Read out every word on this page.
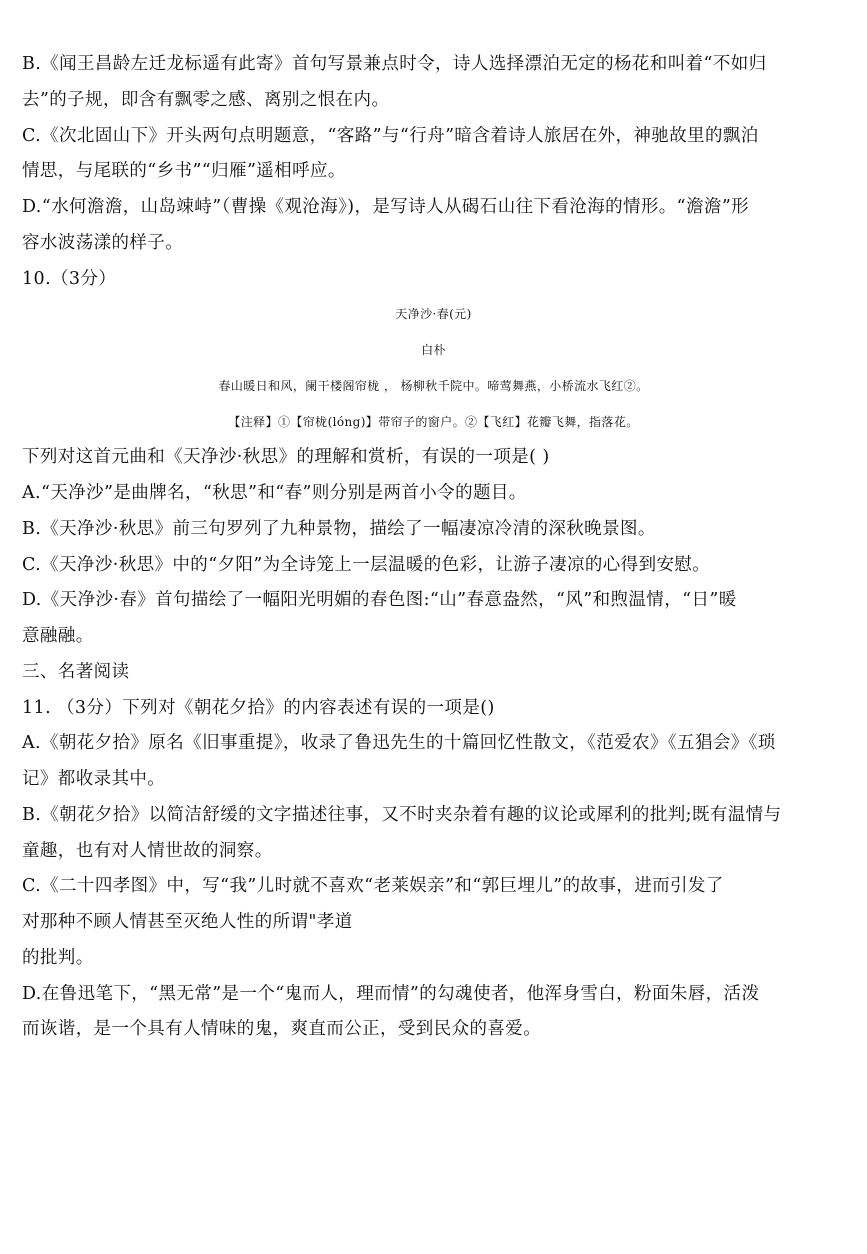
B.《闻王昌龄左迁龙标遥有此寄》首句写景兼点时令，诗人选择漂泊无定的杨花和叫着“不如归
去”的子规，即含有飘零之感、离别之恨在内。
C.《次北固山下》开头两句点明题意，“客路”与“行舟”暗含着诗人旅居在外，神驰故里的飘泊
情思，与尾联的“乡书”“归雁”遥相呼应。
D.“水何澹澹，山岛竦峙”（曹操《观沧海》)，是写诗人从碣石山往下看沧海的情形。“澹澹”形
容水波荡漾的样子。
10.（3分）
天净沙·春(元)
白朴
春山暖日和风，阑干楼阁帘栊 ， 杨柳秋千院中。啼莺舞燕，小桥流水飞红②。
【注释】①【帘栊(lóng)】带帘子的窗户。②【飞红】花瓣飞舞，指落花。
下列对这首元曲和《天净沙·秋思》的理解和赏析，有误的一项是( )
A.“天净沙”是曲牌名，“秋思”和“春”则分别是两首小令的题目。
B.《天净沙·秋思》前三句罗列了九种景物，描绘了一幅凄凉冷清的深秋晚景图。
C.《天净沙·秋思》中的“夕阳”为全诗笼上一层温暖的色彩，让游子凄凉的心得到安慰。
D.《天净沙·春》首句描绘了一幅阳光明媚的春色图:“山”春意盎然，“风”和煦温情，“日”暖
意融融。
三、名著阅读
11. （3分）下列对《朝花夕拾》的内容表述有误的一项是()
A.《朝花夕拾》原名《旧事重提》，收录了鲁迅先生的十篇回忆性散文，《范爱农》《五猖会》《琐
记》都收录其中。
B.《朝花夕拾》以简洁舒缓的文字描述往事，又不时夹杂着有趣的议论或犀利的批判;既有温情与
童趣，也有对人情世故的洞察。
C.《二十四孝图》中，写“我”儿时就不喜欢“老莱娱亲”和“郭巨埋儿”的故事，进而引发了
对那种不顾人情甚至灭绝人性的所谓"孝道
的批判。
D.在鲁迅笔下，“黑无常”是一个“鬼而人，理而情”的勾魂使者，他浑身雪白，粉面朱唇，活泼
而诙谐，是一个具有人情味的鬼，爽直而公正，受到民众的喜爱。
